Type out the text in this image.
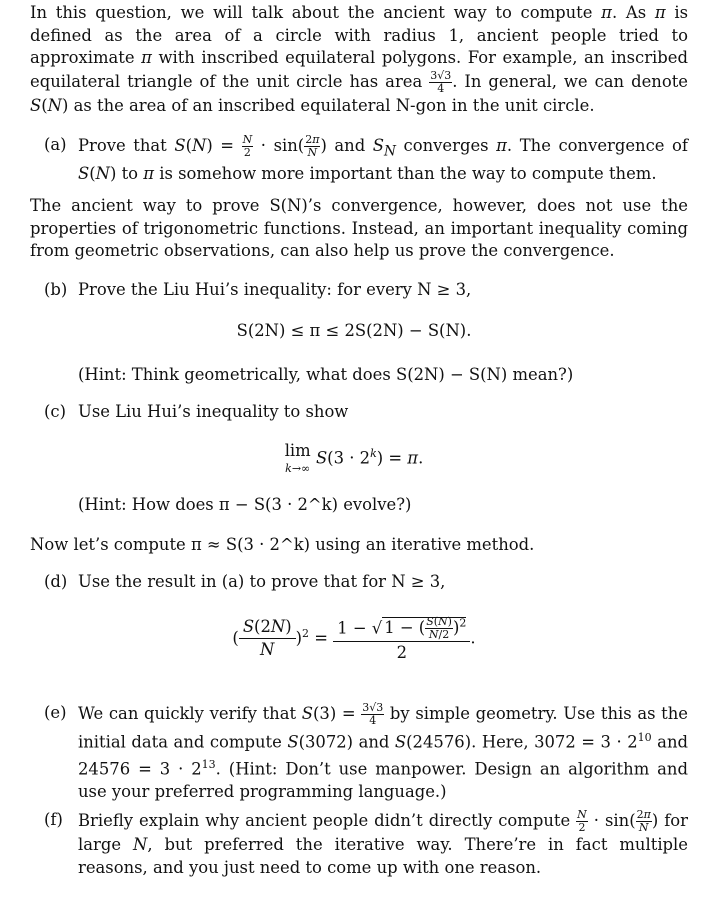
In this question, we will talk about the ancient way to compute π. As π is defined as the area of a circle with radius 1, ancient people tried to approximate π with inscribed equilateral polygons. For example, an inscribed equilateral triangle of the unit circle has area $\frac{3√3}{4}$ . In general, we can denote S(N) as the area of an inscribed equilateral N-gon in the unit circle.

(a) Prove that $S(N) = \frac{N}{2} \cdot \sin( \frac{2\pi}{N}$ ) and $S_N$ converges π. The convergence of S(N) to π is somehow more important than the way to compute them.

The ancient way to prove S(N)’s convergence, however, does not use the properties of trigonometric functions. Instead, an important inequality coming from geometric observations, can also help us prove the convergence.

(b) Prove the Liu Hui’s inequality: for every N ≥ 3,
S(2N) ≤ π ≤ 2S(2N) − S(N).
(Hint: Think geometrically, what does S(2N) − S(N) mean?)
(c) Use Liu Hui’s inequality to show
lim
k→∞ $S(3 \cdot 2^k) = \pi$.
(Hint: How does π − S(3 · 2^k) evolve?)

Now let’s compute π ≈ S(3 · 2^k) using an iterative method.

(d) Use the result in (a) to prove that for N ≥ 3,
( $\frac{S(2N)}{N} )^2 = \frac{1 - √ 1 - ( \frac{S(N)}{N/2} )^2}{2}$ .
(e) We can quickly verify that $S(3) = \frac{3√3}{4}$ by simple geometry. Use this as the initial data and compute S(3072) and S(24576). Here, $3072 = 3 \cdot 2^{10}$ and $24576 = 3 \cdot 2^{13}$. (Hint: Don’t use manpower. Design an algorithm and use your preferred programming language.)
(f) Briefly explain why ancient people didn’t directly compute $\frac{N}{2} \cdot \sin( \frac{2\pi}{N}$ ) for large N, but preferred the iterative way. There’re in fact multiple reasons, and you just need to come up with one reason.
